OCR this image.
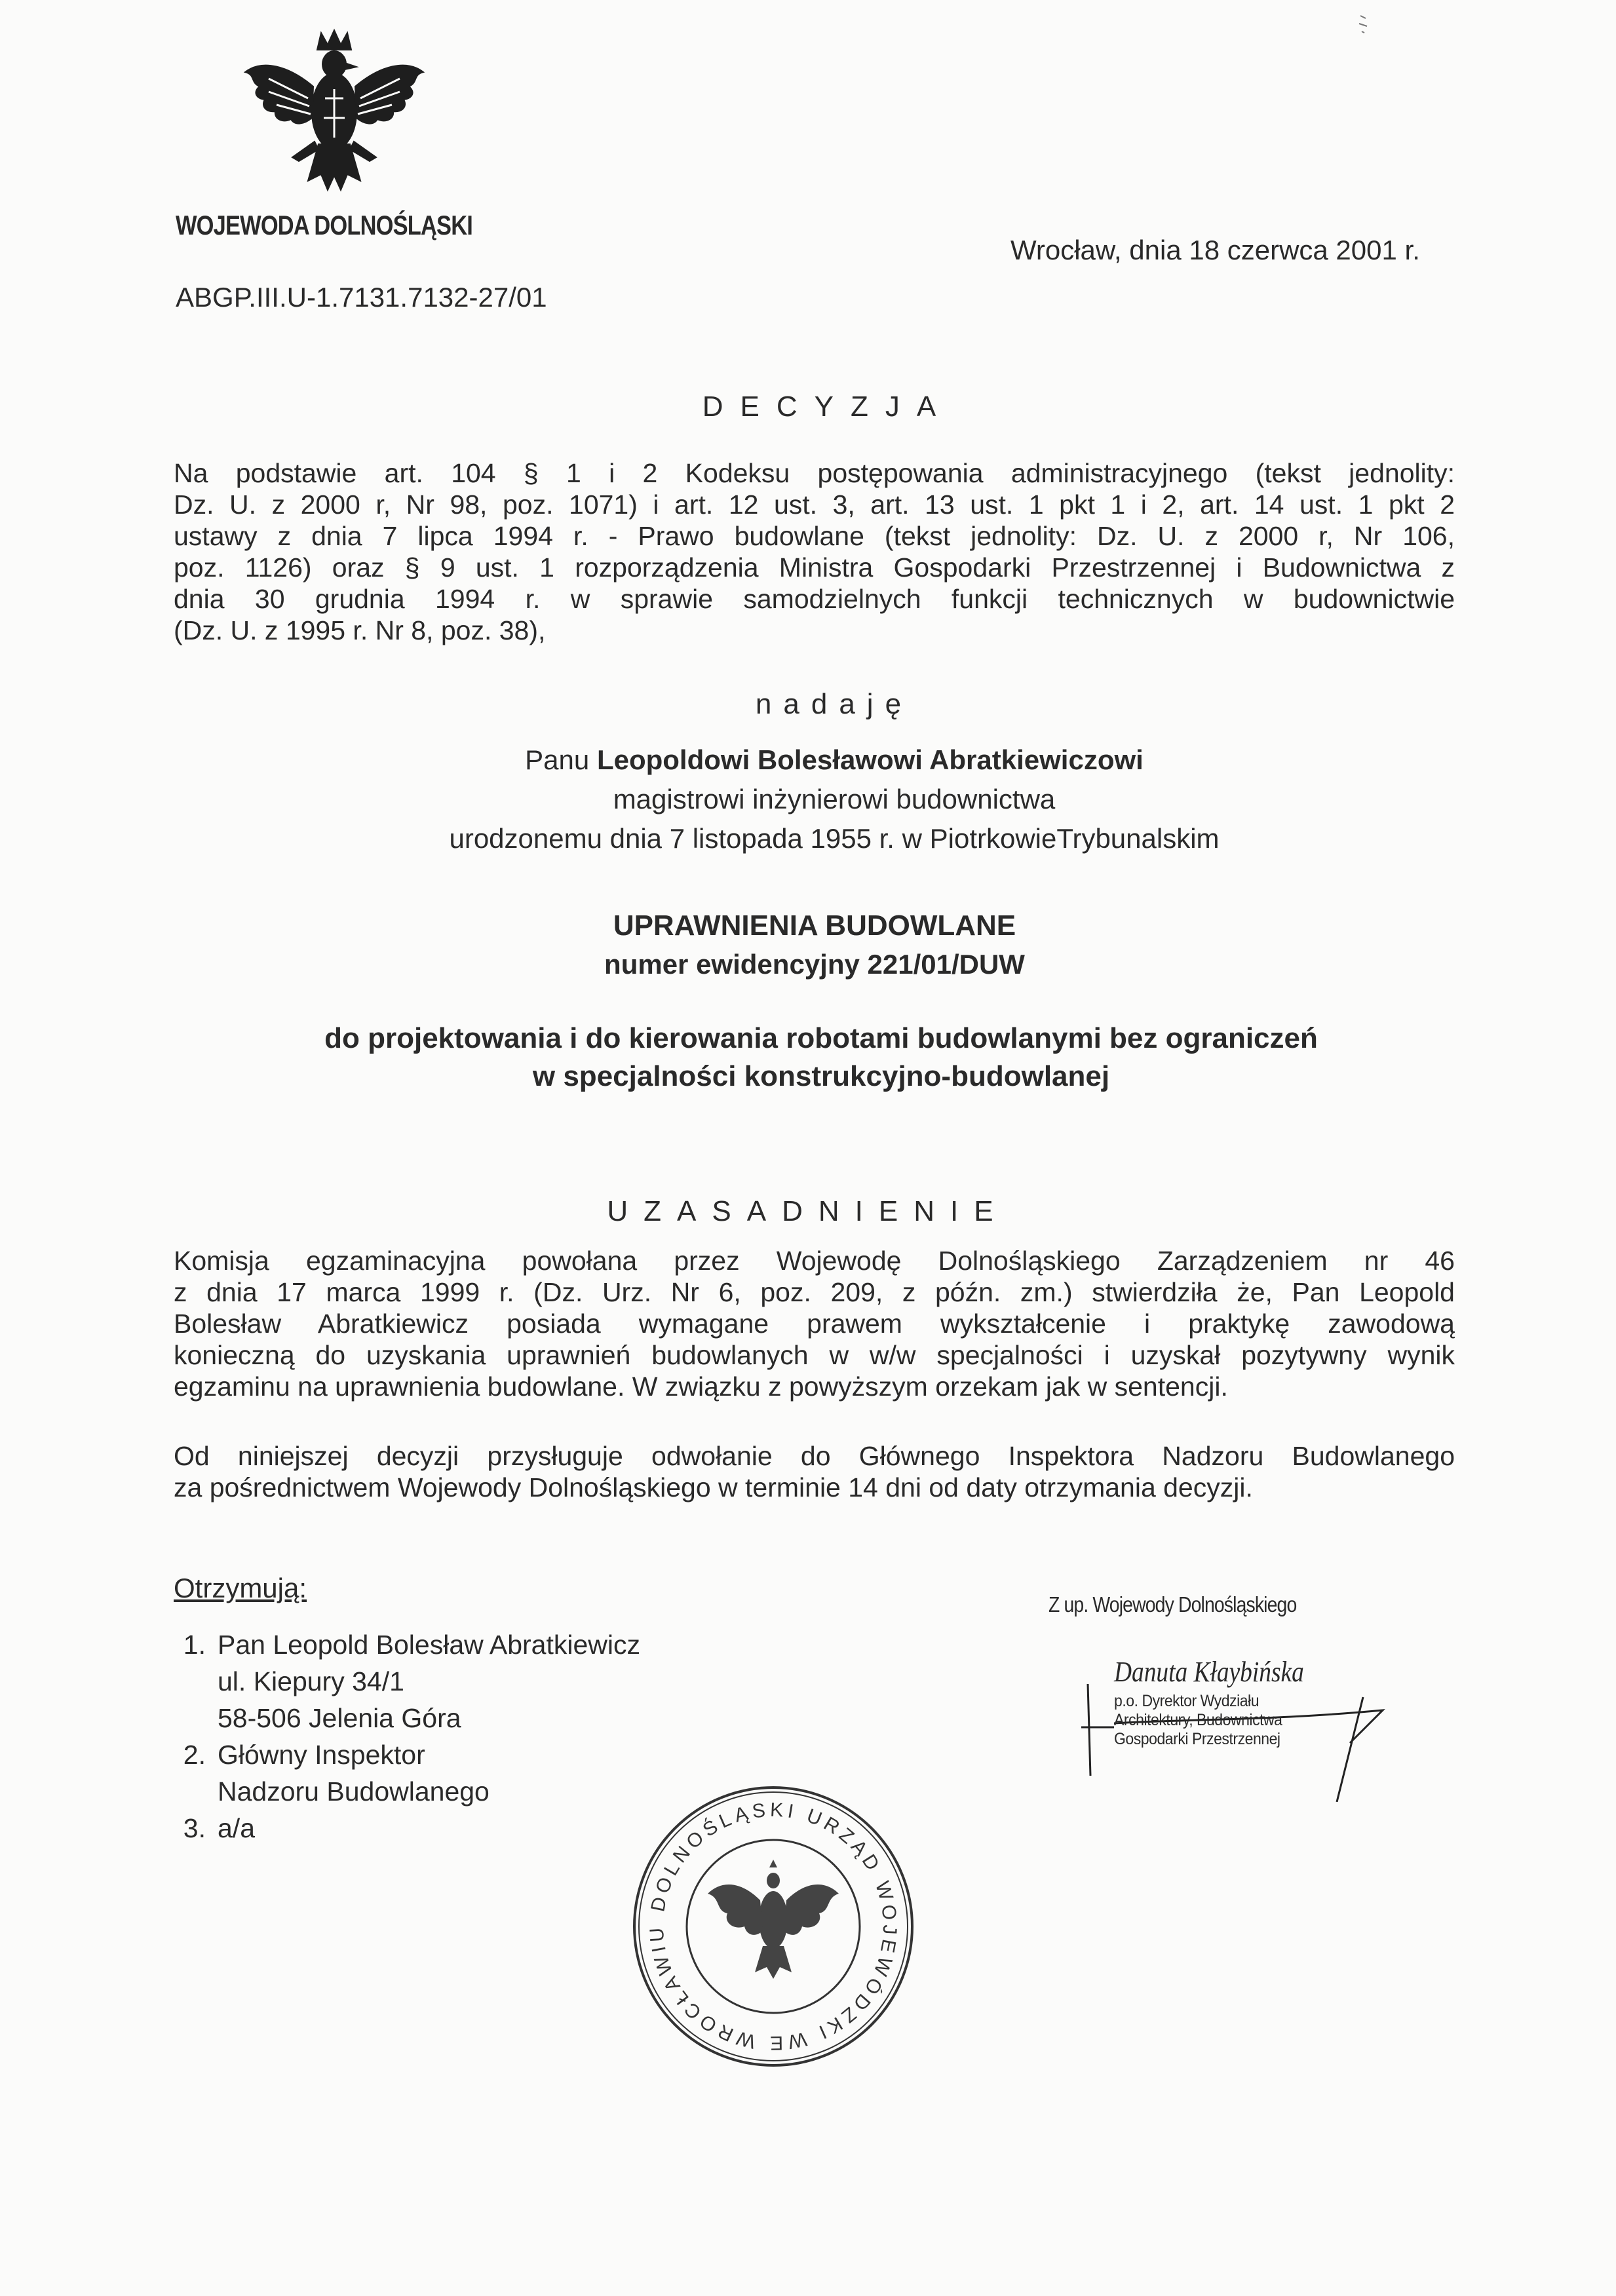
WOJEWODA DOLNOŚLĄSKI
Wrocław, dnia 18 czerwca 2001 r.
ABGP.III.U-1.7131.7132-27/01
DECYZJA
Na podstawie art. 104 § 1 i 2 Kodeksu postępowania administracyjnego (tekst jednolity:
Dz. U. z 2000 r, Nr 98, poz. 1071) i art. 12 ust. 3, art. 13 ust. 1 pkt 1 i 2, art. 14 ust. 1 pkt 2
ustawy z dnia 7 lipca 1994 r. - Prawo budowlane (tekst jednolity: Dz. U. z 2000 r, Nr 106,
poz. 1126) oraz § 9 ust. 1 rozporządzenia Ministra Gospodarki Przestrzennej i Budownictwa z
dnia 30 grudnia 1994 r. w sprawie samodzielnych funkcji technicznych w budownictwie
(Dz. U. z 1995 r. Nr 8, poz. 38),
nadaję
Panu Leopoldowi Bolesławowi Abratkiewiczowi
magistrowi inżynierowi budownictwa
urodzonemu dnia 7 listopada 1955 r. w PiotrkowieTrybunalskim
UPRAWNIENIA BUDOWLANE
numer ewidencyjny 221/01/DUW
do projektowania i do kierowania robotami budowlanymi bez ograniczeń
w specjalności konstrukcyjno-budowlanej
UZASADNIENIE
Komisja egzaminacyjna powołana przez Wojewodę Dolnośląskiego Zarządzeniem nr 46
z dnia 17 marca 1999 r. (Dz. Urz. Nr 6, poz. 209, z późn. zm.) stwierdziła że, Pan Leopold
Bolesław Abratkiewicz posiada wymagane prawem wykształcenie i praktykę zawodową
konieczną do uzyskania uprawnień budowlanych w w/w specjalności i uzyskał pozytywny wynik
egzaminu na uprawnienia budowlane. W związku z powyższym orzekam jak w sentencji.
Od niniejszej decyzji przysługuje odwołanie do Głównego Inspektora Nadzoru Budowlanego
za pośrednictwem Wojewody Dolnośląskiego w terminie 14 dni od daty otrzymania decyzji.
Otrzymują:
1. Pan Leopold Bolesław Abratkiewicz
ul. Kiepury 34/1
58-506 Jelenia Góra
2. Główny Inspektor
Nadzoru Budowlanego
3. a/a
Z up. Wojewody Dolnośląskiego
Danuta Kłaybińska
p.o. Dyrektor Wydziału
Architektury, Budownictwa
Gospodarki Przestrzennej
DOLNOŚLĄSKI URZĄD WOJEWÓDZKI WE WROCŁAWIU
